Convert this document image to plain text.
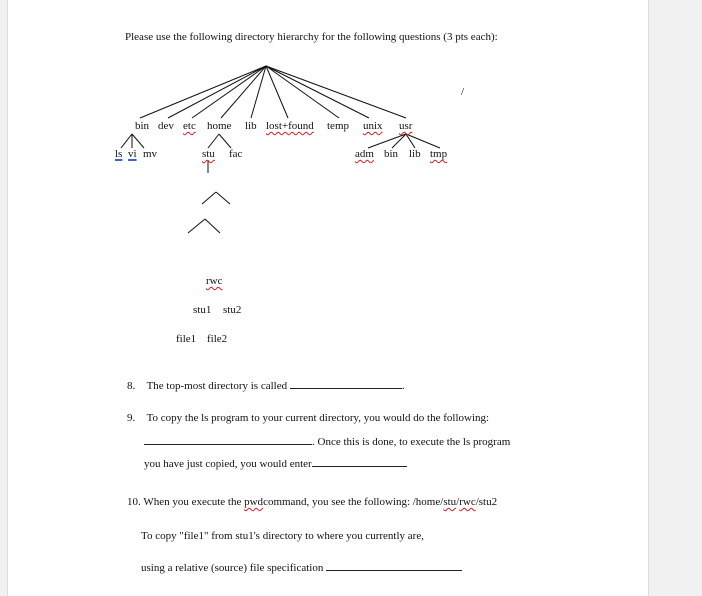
Please use the following directory hierarchy for the following questions (3 pts each):
/
bin dev etc home lib lost+found temp unix usr
ls vi mv	stu fac	adm bin lib tmp
rwc
stu1 stu2
file1 file2
8. The top-most directory is called	.
9. To copy the ls program to your current directory, you would do the following:
. Once this is done, to execute the ls program
you have just copied, you would enter
10. When you execute the pwdcommand, you see the following: /home/stu/rwc/stu2
To copy "file1" from stu1's directory to where you currently are,
using a relative (source) file specification
